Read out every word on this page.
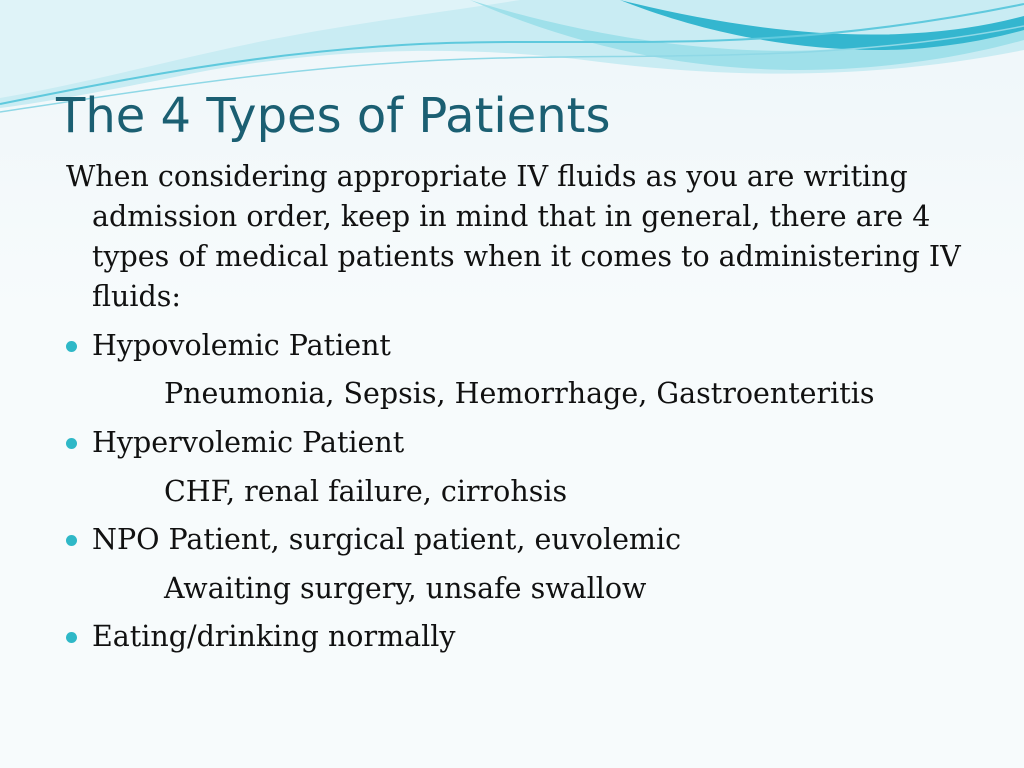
The 4 Types of Patients

When considering appropriate IV fluids as you are writing admission order, keep in mind that in general, there are 4 types of medical patients when it comes to administering IV fluids:

Hypovolemic Patient
Pneumonia, Sepsis, Hemorrhage, Gastroenteritis
Hypervolemic Patient
CHF, renal failure, cirrohsis
NPO Patient, surgical patient, euvolemic
Awaiting surgery, unsafe swallow
Eating/drinking normally
